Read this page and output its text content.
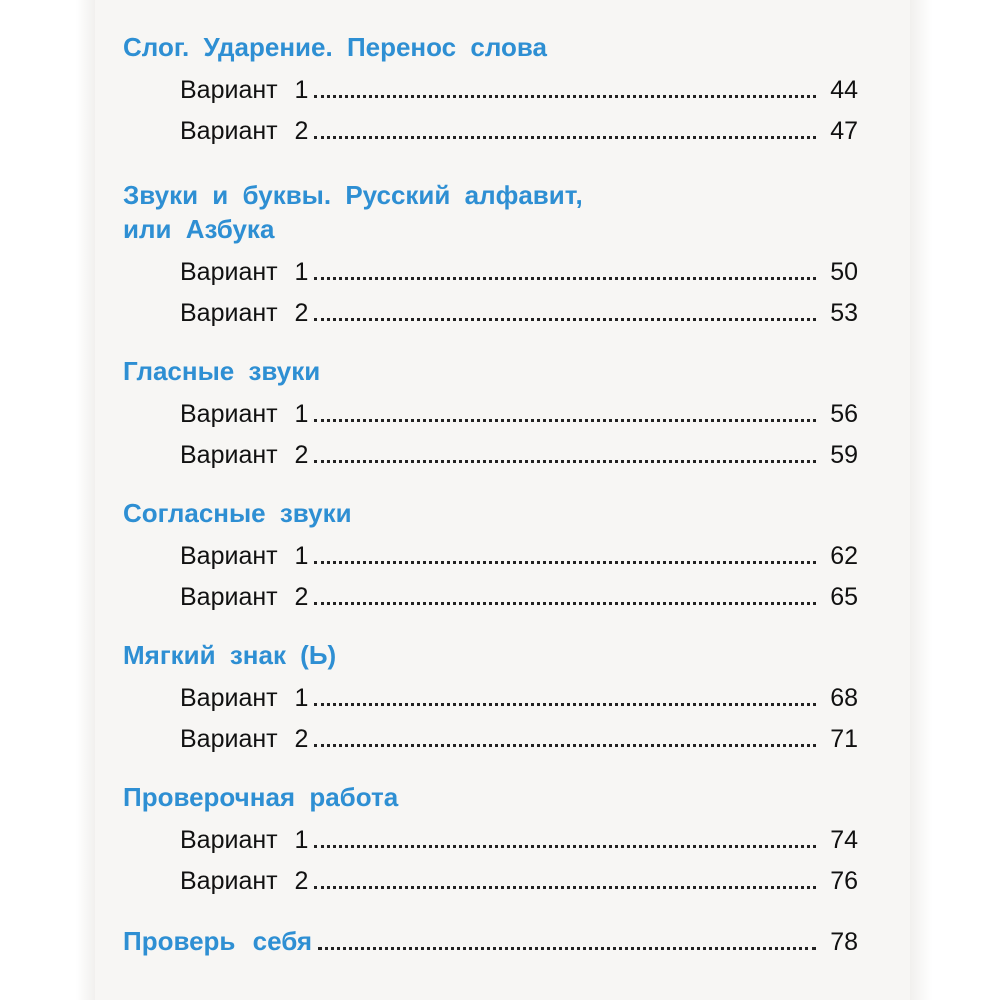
Слог. Ударение. Перенос слова

Вариант 1	44
Вариант 2	47

Звуки и буквы. Русский алфавит,

или Азбука

Вариант 1	50
Вариант 2	53

Гласные звуки

Вариант 1	56
Вариант 2	59

Согласные звуки

Вариант 1	62
Вариант 2	65

Мягкий знак (Ь)

Вариант 1	68
Вариант 2	71

Проверочная работа

Вариант 1	74
Вариант 2	76
Проверь себя	78
